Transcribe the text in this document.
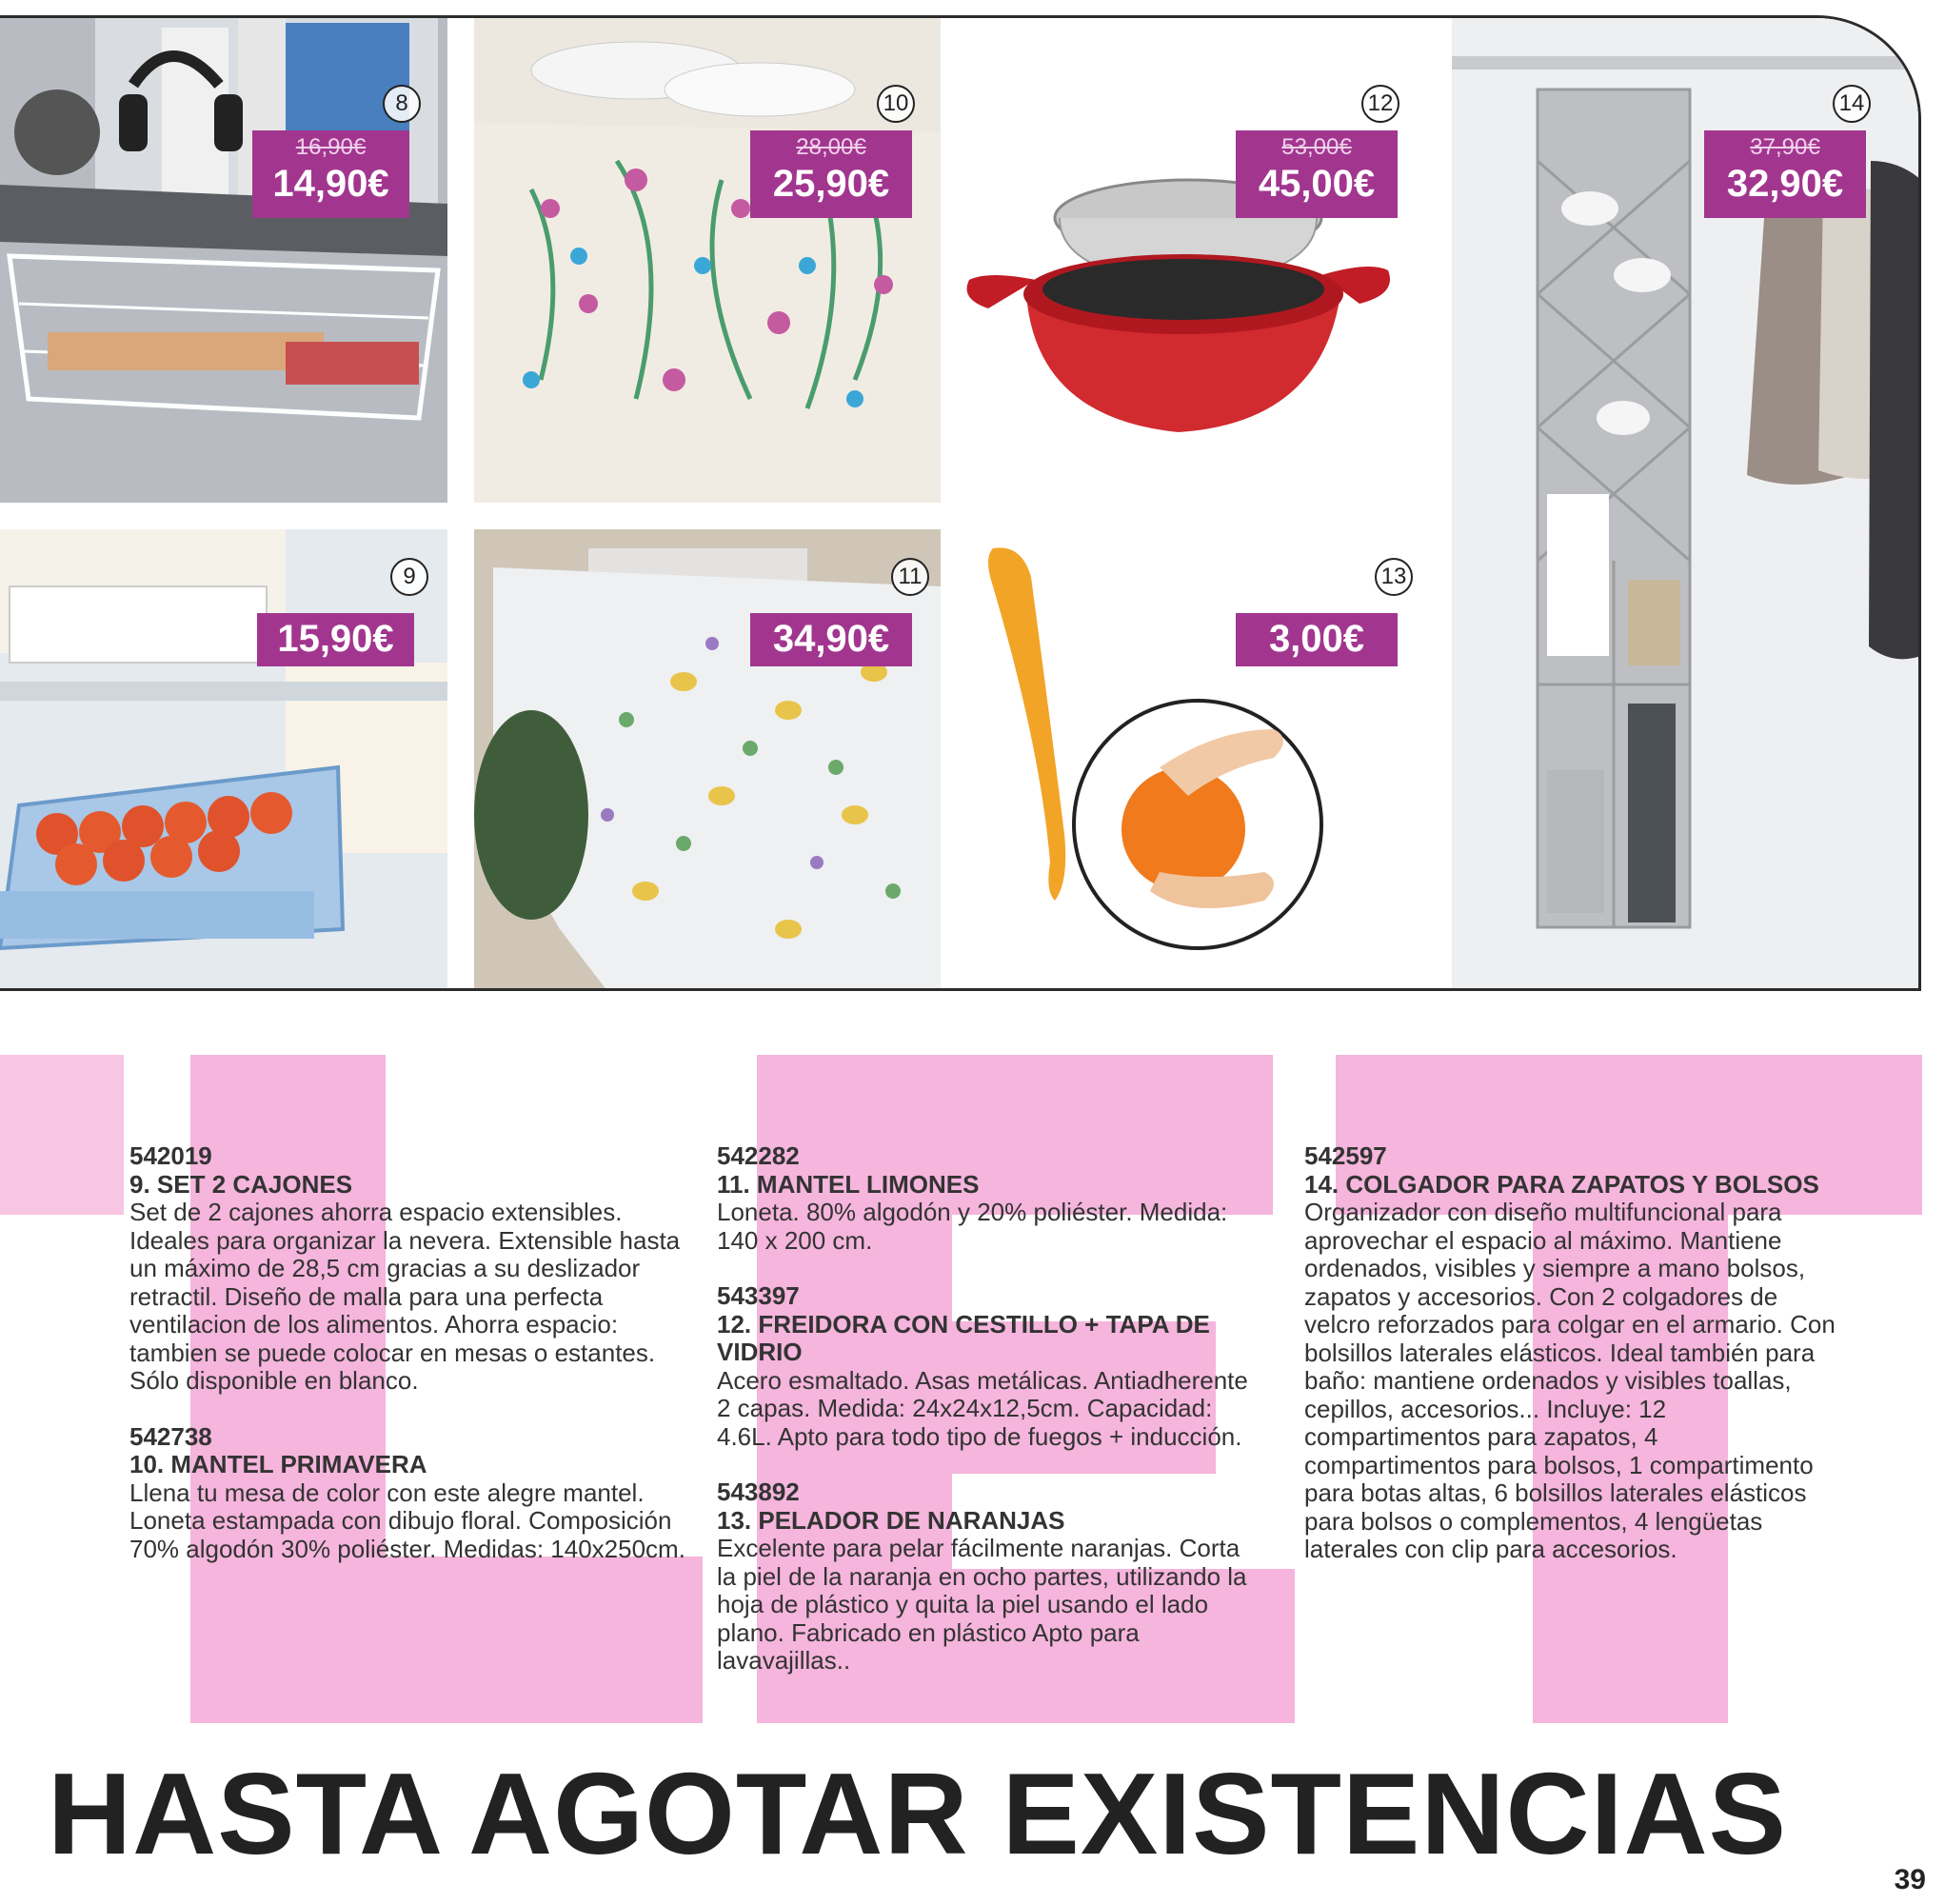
8
16,90€
14,90€
9
15,90€
10
28,00€
25,90€
11
34,90€
12
53,00€
45,00€
13
3,00€
14
37,90€
32,90€
542019
9. SET 2 CAJONES
Set de 2 cajones ahorra espacio extensibles. Ideales para organizar la nevera. Extensible hasta un máximo de 28,5 cm gracias a su deslizador retractil. Diseño de malla para una perfecta ventilacion de los alimentos. Ahorra espacio: tambien se puede colocar en mesas o estantes. Sólo disponible en blanco.
542738
10. MANTEL PRIMAVERA
Llena tu mesa de color con este alegre mantel. Loneta estampada con dibujo floral. Composición 70% algodón 30% poliéster. Medidas: 140x250cm.
542282
11. MANTEL LIMONES
Loneta. 80% algodón y 20% poliéster. Medida: 140 x 200 cm.
543397
12. FREIDORA CON CESTILLO + TAPA DE VIDRIO
Acero esmaltado. Asas metálicas. Antiadherente 2 capas. Medida: 24x24x12,5cm. Capacidad: 4.6L. Apto para todo tipo de fuegos + inducción.
543892
13. PELADOR DE NARANJAS
Excelente para pelar fácilmente naranjas. Corta la piel de la naranja en ocho partes, utilizando la hoja de plástico y quita la piel usando el lado plano. Fabricado en plástico Apto para lavavajillas..
542597
14. COLGADOR PARA ZAPATOS Y BOLSOS
Organizador con diseño multifuncional para aprovechar el espacio al máximo. Mantiene ordenados, visibles y siempre a mano bolsos, zapatos y accesorios. Con 2 colgadores de velcro reforzados para colgar en el armario. Con bolsillos laterales elásticos. Ideal también para baño: mantiene ordenados y visibles toallas, cepillos, accesorios... Incluye: 12 compartimentos para zapatos, 4 compartimentos para bolsos, 1 compartimento para botas altas, 6 bolsillos laterales elásticos para bolsos o complementos, 4 lengüetas laterales con clip para accesorios.
HASTA AGOTAR EXISTENCIAS
39
